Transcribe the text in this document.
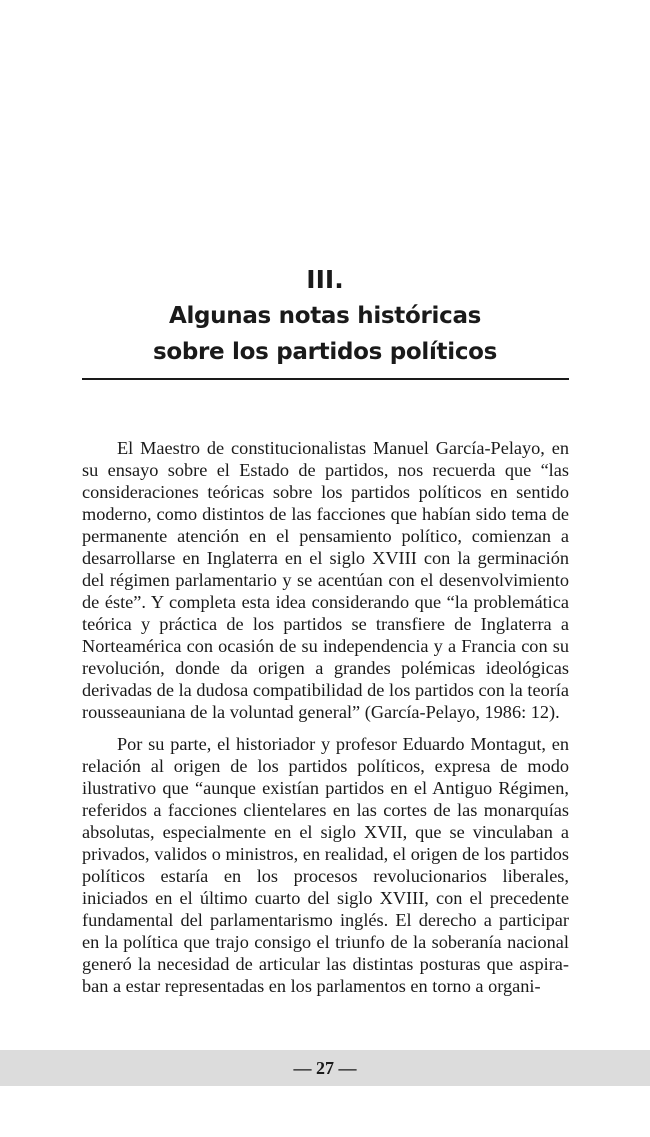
III.
Algunas notas históricas
sobre los partidos políticos

El Maestro de constitucionalistas Manuel García-Pelayo, en su ensayo sobre el Estado de partidos, nos recuerda que “las consideraciones teóricas sobre los partidos políticos en sentido moderno, como distintos de las facciones que habían sido tema de permanente atención en el pensamiento político, comienzan a desarrollarse en Inglaterra en el siglo XVIII con la germinación del régimen parlamentario y se acentúan con el desenvolvimiento de éste”. Y completa esta idea considerando que “la problemática teórica y práctica de los partidos se transfiere de Inglaterra a Norteamérica con ocasión de su independencia y a Francia con su revolución, donde da origen a grandes polémicas ideológicas derivadas de la dudosa compatibilidad de los partidos con la teoría rousseauniana de la voluntad general” (García-Pelayo, 1986: 12).

Por su parte, el historiador y profesor Eduardo Montagut, en relación al origen de los partidos políticos, expresa de modo ilustrativo que “aunque existían partidos en el Antiguo Régimen, referidos a facciones clientelares en las cortes de las monarquías absolutas, especialmente en el siglo XVII, que se vinculaban a privados, validos o ministros, en realidad, el origen de los partidos políticos estaría en los procesos revolucionarios liberales, iniciados en el último cuarto del siglo XVIII, con el precedente fundamental del parlamentarismo inglés. El derecho a participar en la política que trajo consigo el triunfo de la soberanía nacional generó la necesidad de articular las distintas posturas que aspiraban a estar representadas en los parlamentos en torno a organi-

— 27 —
